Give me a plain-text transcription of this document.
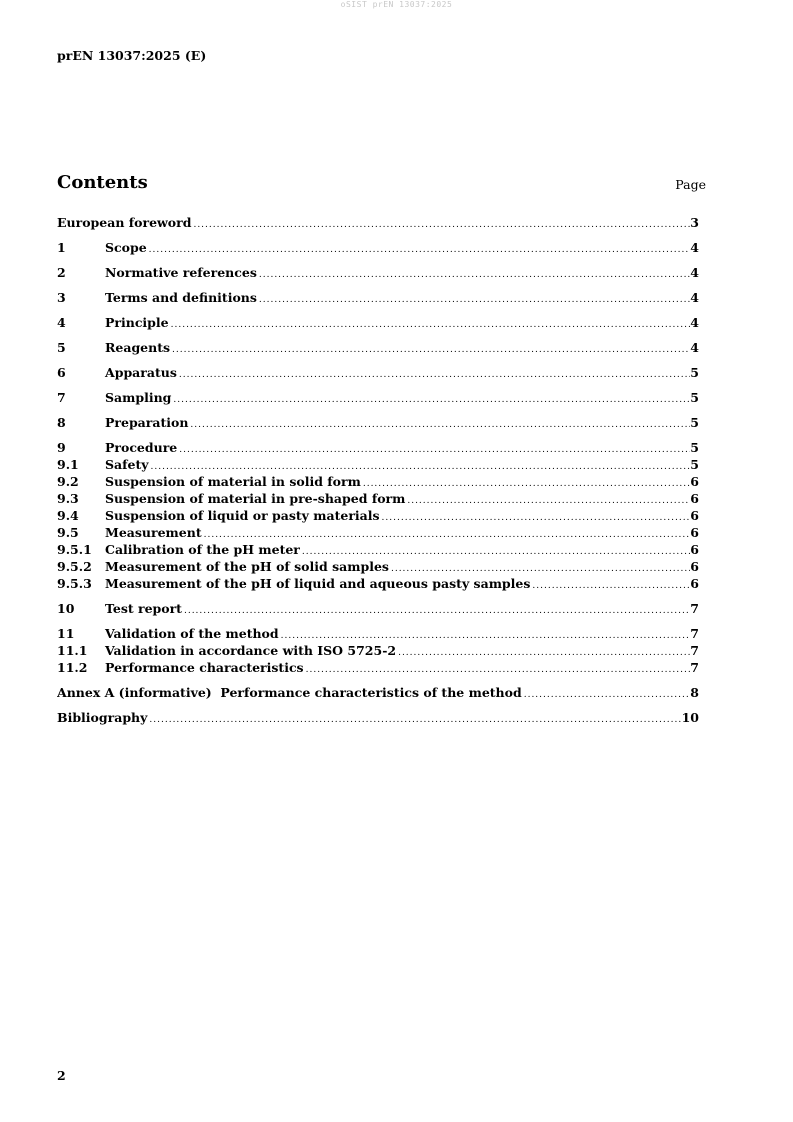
oSIST prEN 13037:2025
prEN 13037:2025 (E)
Contents	Page
European foreword .....	3
1	Scope .....	4
2	Normative references .....	4
3	Terms and definitions .....	4
4	Principle .....	4
5	Reagents .....	4
6	Apparatus .....	5
7	Sampling .....	5
8	Preparation .....	5
9	Procedure .....	5
9.1	Safety .....	5
9.2	Suspension of material in solid form .....	6
9.3	Suspension of material in pre-shaped form .....	6
9.4	Suspension of liquid or pasty materials .....	6
9.5	Measurement .....	6
9.5.1	Calibration of the pH meter .....	6
9.5.2	Measurement of the pH of solid samples .....	6
9.5.3	Measurement of the pH of liquid and aqueous pasty samples .....	6
10	Test report .....	7
11	Validation of the method .....	7
11.1	Validation in accordance with ISO 5725-2 .....	7
11.2	Performance characteristics .....	7
Annex A (informative)  Performance characteristics of the method .....	8
Bibliography .....	10
2
